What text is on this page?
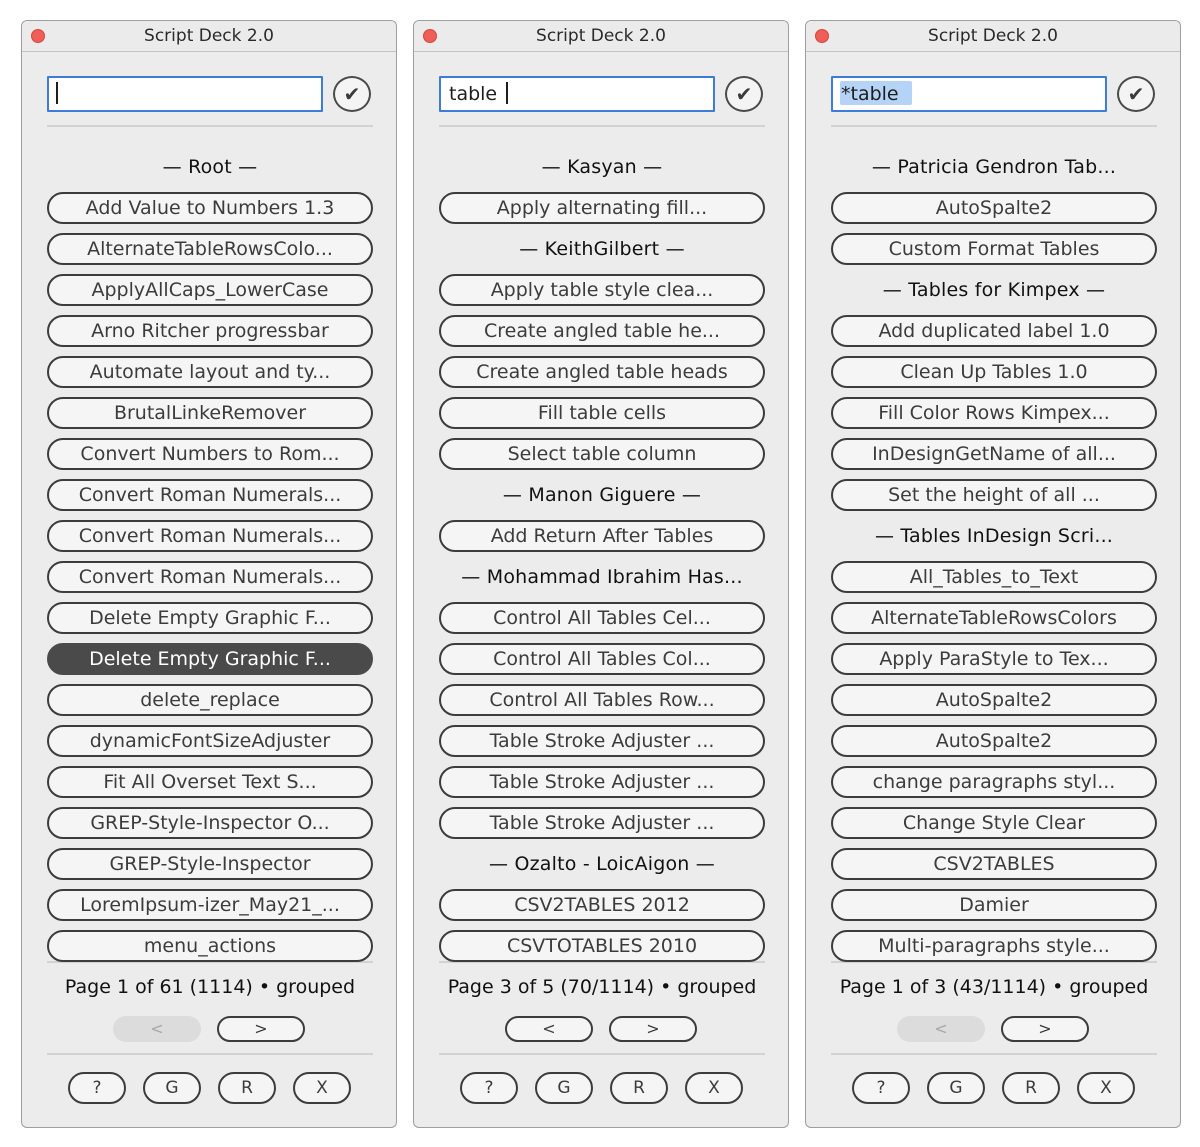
Script Deck 2.0
✔
— Root —
Add Value to Numbers 1.3
AlternateTableRowsColo...
ApplyAllCaps_LowerCase
Arno Ritcher progressbar
Automate layout and ty...
BrutalLinkeRemover
Convert Numbers to Rom...
Convert Roman Numerals...
Convert Roman Numerals...
Convert Roman Numerals...
Delete Empty Graphic F...
Delete Empty Graphic F...
delete_replace
dynamicFontSizeAdjuster
Fit All Overset Text S...
GREP-Style-Inspector O...
GREP-Style-Inspector
LoremIpsum-izer_May21_...
menu_actions
Page 1 of 61 (1114) • grouped
<	>
?	G	R	X
Script Deck 2.0
table
✔
— Kasyan —
Apply alternating fill...
— KeithGilbert —
Apply table style clea...
Create angled table he...
Create angled table heads
Fill table cells
Select table column
— Manon Giguere —
Add Return After Tables
— Mohammad Ibrahim Has...
Control All Tables Cel...
Control All Tables Col...
Control All Tables Row...
Table Stroke Adjuster ...
Table Stroke Adjuster ...
Table Stroke Adjuster ...
— Ozalto - LoicAigon —
CSV2TABLES 2012
CSVTOTABLES 2010
Page 3 of 5 (70/1114) • grouped
<	>
?	G	R	X
Script Deck 2.0
*table
✔
— Patricia Gendron Tab...
AutoSpalte2
Custom Format Tables
— Tables for Kimpex —
Add duplicated label 1.0
Clean Up Tables 1.0
Fill Color Rows Kimpex...
InDesignGetName of all...
Set the height of all ...
— Tables InDesign Scri...
All_Tables_to_Text
AlternateTableRowsColors
Apply ParaStyle to Tex...
AutoSpalte2
AutoSpalte2
change paragraphs styl...
Change Style Clear
CSV2TABLES
Damier
Multi-paragraphs style...
Page 1 of 3 (43/1114) • grouped
<	>
?	G	R	X
